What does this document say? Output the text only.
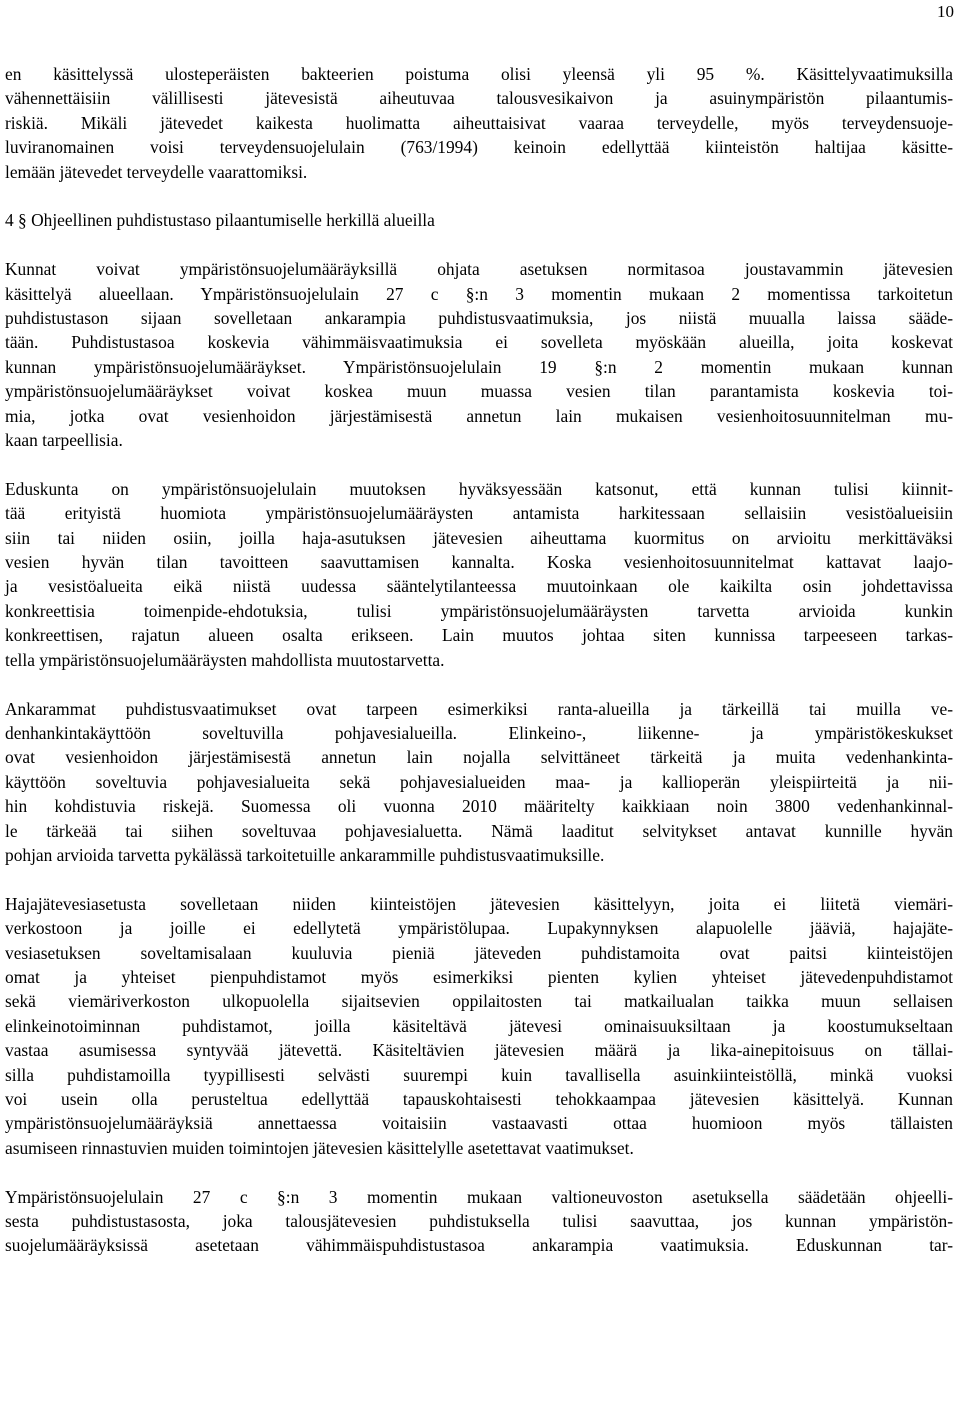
10
en käsittelyssä ulosteperäisten bakteerien poistuma olisi yleensä yli 95 %. Käsittelyvaatimuksilla
vähennettäisiin välillisesti jätevesistä aiheutuvaa talousvesikaivon ja asuinympäristön pilaantumis-
riskiä. Mikäli jätevedet kaikesta huolimatta aiheuttaisivat vaaraa terveydelle, myös terveydensuoje-
luviranomainen voisi terveydensuojelulain (763/1994) keinoin edellyttää kiinteistön haltijaa käsitte-
lemään jätevedet terveydelle vaarattomiksi.
4 § Ohjeellinen puhdistustaso pilaantumiselle herkillä alueilla
Kunnat voivat ympäristönsuojelumääräyksillä ohjata asetuksen normitasoa joustavammin jätevesien
käsittelyä alueellaan. Ympäristönsuojelulain 27 c §:n 3 momentin mukaan 2 momentissa tarkoitetun
puhdistustason sijaan sovelletaan ankarampia puhdistusvaatimuksia, jos niistä muualla laissa sääde-
tään. Puhdistustasoa koskevia vähimmäisvaatimuksia ei sovelleta myöskään alueilla, joita koskevat
kunnan ympäristönsuojelumääräykset. Ympäristönsuojelulain 19 §:n 2 momentin mukaan kunnan
ympäristönsuojelumääräykset voivat koskea muun muassa vesien tilan parantamista koskevia toi-
mia, jotka ovat vesienhoidon järjestämisestä annetun lain mukaisen vesienhoitosuunnitelman mu-
kaan tarpeellisia.
Eduskunta on ympäristönsuojelulain muutoksen hyväksyessään katsonut, että kunnan tulisi kiinnit-
tää erityistä huomiota ympäristönsuojelumääräysten antamista harkitessaan sellaisiin vesistöalueisiin
siin tai niiden osiin, joilla haja-asutuksen jätevesien aiheuttama kuormitus on arvioitu merkittäväksi
vesien hyvän tilan tavoitteen saavuttamisen kannalta. Koska vesienhoitosuunnitelmat kattavat laajo-
ja vesistöalueita eikä niistä uudessa sääntelytilanteessa muutoinkaan ole kaikilta osin johdettavissa
konkreettisia toimenpide-ehdotuksia, tulisi ympäristönsuojelumääräysten tarvetta arvioida kunkin
konkreettisen, rajatun alueen osalta erikseen. Lain muutos johtaa siten kunnissa tarpeeseen tarkas-
tella ympäristönsuojelumääräysten mahdollista muutostarvetta.
Ankarammat puhdistusvaatimukset ovat tarpeen esimerkiksi ranta-alueilla ja tärkeillä tai muilla ve-
denhankintakäyttöön soveltuvilla pohjavesialueilla. Elinkeino-, liikenne- ja ympäristökeskukset
ovat vesienhoidon järjestämisestä annetun lain nojalla selvittäneet tärkeitä ja muita vedenhankinta-
käyttöön soveltuvia pohjavesialueita sekä pohjavesialueiden maa- ja kallioperän yleispiirteitä ja nii-
hin kohdistuvia riskejä. Suomessa oli vuonna 2010 määritelty kaikkiaan noin 3800 vedenhankinnal-
le tärkeää tai siihen soveltuvaa pohjavesialuetta. Nämä laaditut selvitykset antavat kunnille hyvän
pohjan arvioida tarvetta pykälässä tarkoitetuille ankarammille puhdistusvaatimuksille.
Hajajätevesiasetusta sovelletaan niiden kiinteistöjen jätevesien käsittelyyn, joita ei liitetä viemäri-
verkostoon ja joille ei edellytetä ympäristölupaa. Lupakynnyksen alapuolelle jääviä, hajajäte-
vesiasetuksen soveltamisalaan kuuluvia pieniä jäteveden puhdistamoita ovat paitsi kiinteistöjen
omat ja yhteiset pienpuhdistamot myös esimerkiksi pienten kylien yhteiset jätevedenpuhdistamot
sekä viemäriverkoston ulkopuolella sijaitsevien oppilaitosten tai matkailualan taikka muun sellaisen
elinkeinotoiminnan puhdistamot, joilla käsiteltävä jätevesi ominaisuuksiltaan ja koostumukseltaan
vastaa asumisessa syntyvää jätevettä. Käsiteltävien jätevesien määrä ja lika-ainepitoisuus on tällai-
silla puhdistamoilla tyypillisesti selvästi suurempi kuin tavallisella asuinkiinteistöllä, minkä vuoksi
voi usein olla perusteltua edellyttää tapauskohtaisesti tehokkaampaa jätevesien käsittelyä. Kunnan
ympäristönsuojelumääräyksiä annettaessa voitaisiin vastaavasti ottaa huomioon myös tällaisten
asumiseen rinnastuvien muiden toimintojen jätevesien käsittelylle asetettavat vaatimukset.
Ympäristönsuojelulain 27 c §:n 3 momentin mukaan valtioneuvoston asetuksella säädetään ohjeelli-
sesta puhdistustasosta, joka talousjätevesien puhdistuksella tulisi saavuttaa, jos kunnan ympäristön-
suojelumääräyksissä asetetaan vähimmäispuhdistustasoa ankarampia vaatimuksia. Eduskunnan tar-
